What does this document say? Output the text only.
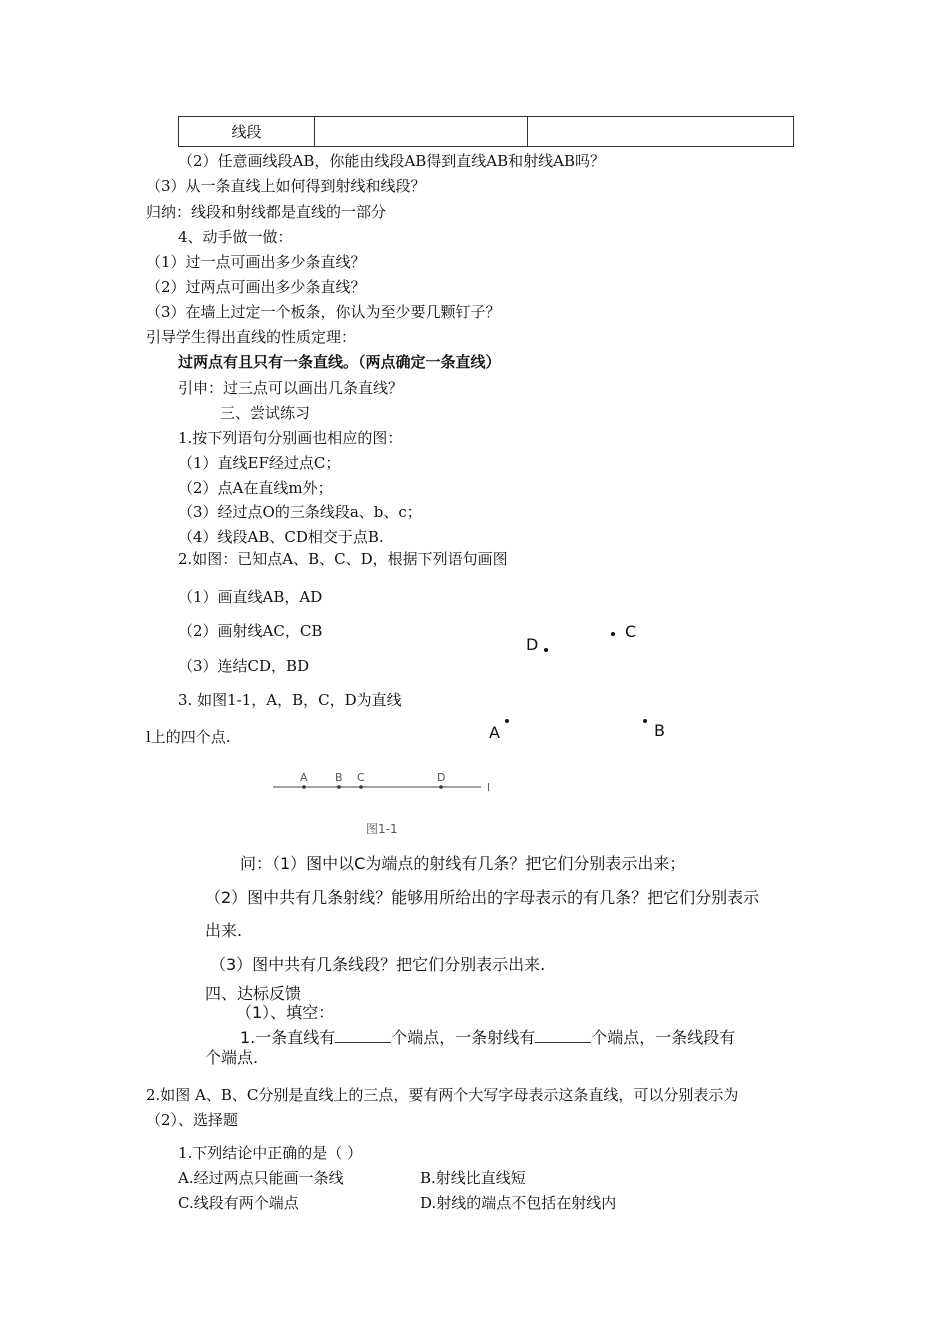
线段		
（2）任意画线段AB，你能由线段AB得到直线AB和射线AB吗？
（3）从一条直线上如何得到射线和线段？
归纳：线段和射线都是直线的一部分
4、动手做一做：
（1）过一点可画出多少条直线？
（2）过两点可画出多少条直线？
（3）在墙上过定一个板条，你认为至少要几颗钉子？
引导学生得出直线的性质定理：
过两点有且只有一条直线。（两点确定一条直线）
引申：过三点可以画出几条直线？
三、尝试练习
1.按下列语句分别画也相应的图：
（1）直线EF经过点C；
（2）点A在直线m外；
（3）经过点O的三条线段a、b、c；
（4）线段AB、CD相交于点B.
2.如图：已知点A、B、C、D，根据下列语句画图
（1）画直线AB，AD
（2）画射线AC，CB
（3）连结CD，BD
3. 如图1-1，A，B，C，D为直线
l上的四个点.
D
C
A	B
A B C	D
l
图1-1
问：（1）图中以C为端点的射线有几条？把它们分别表示出来；
（2）图中共有几条射线？能够用所给出的字母表示的有几条？把它们分别表示
出来.
（3）图中共有几条线段？把它们分别表示出来.
四、达标反馈
（1）、填空：
1.一条直线有	个端点，一条射线有	个端点，一条线段有
个端点.
2.如图 A、B、C分别是直线上的三点，要有两个大写字母表示这条直线，可以分别表示为
（2）、选择题
1.下列结论中正确的是（ ）
A.经过两点只能画一条线	B.射线比直线短
C.线段有两个端点	D.射线的端点不包括在射线内
